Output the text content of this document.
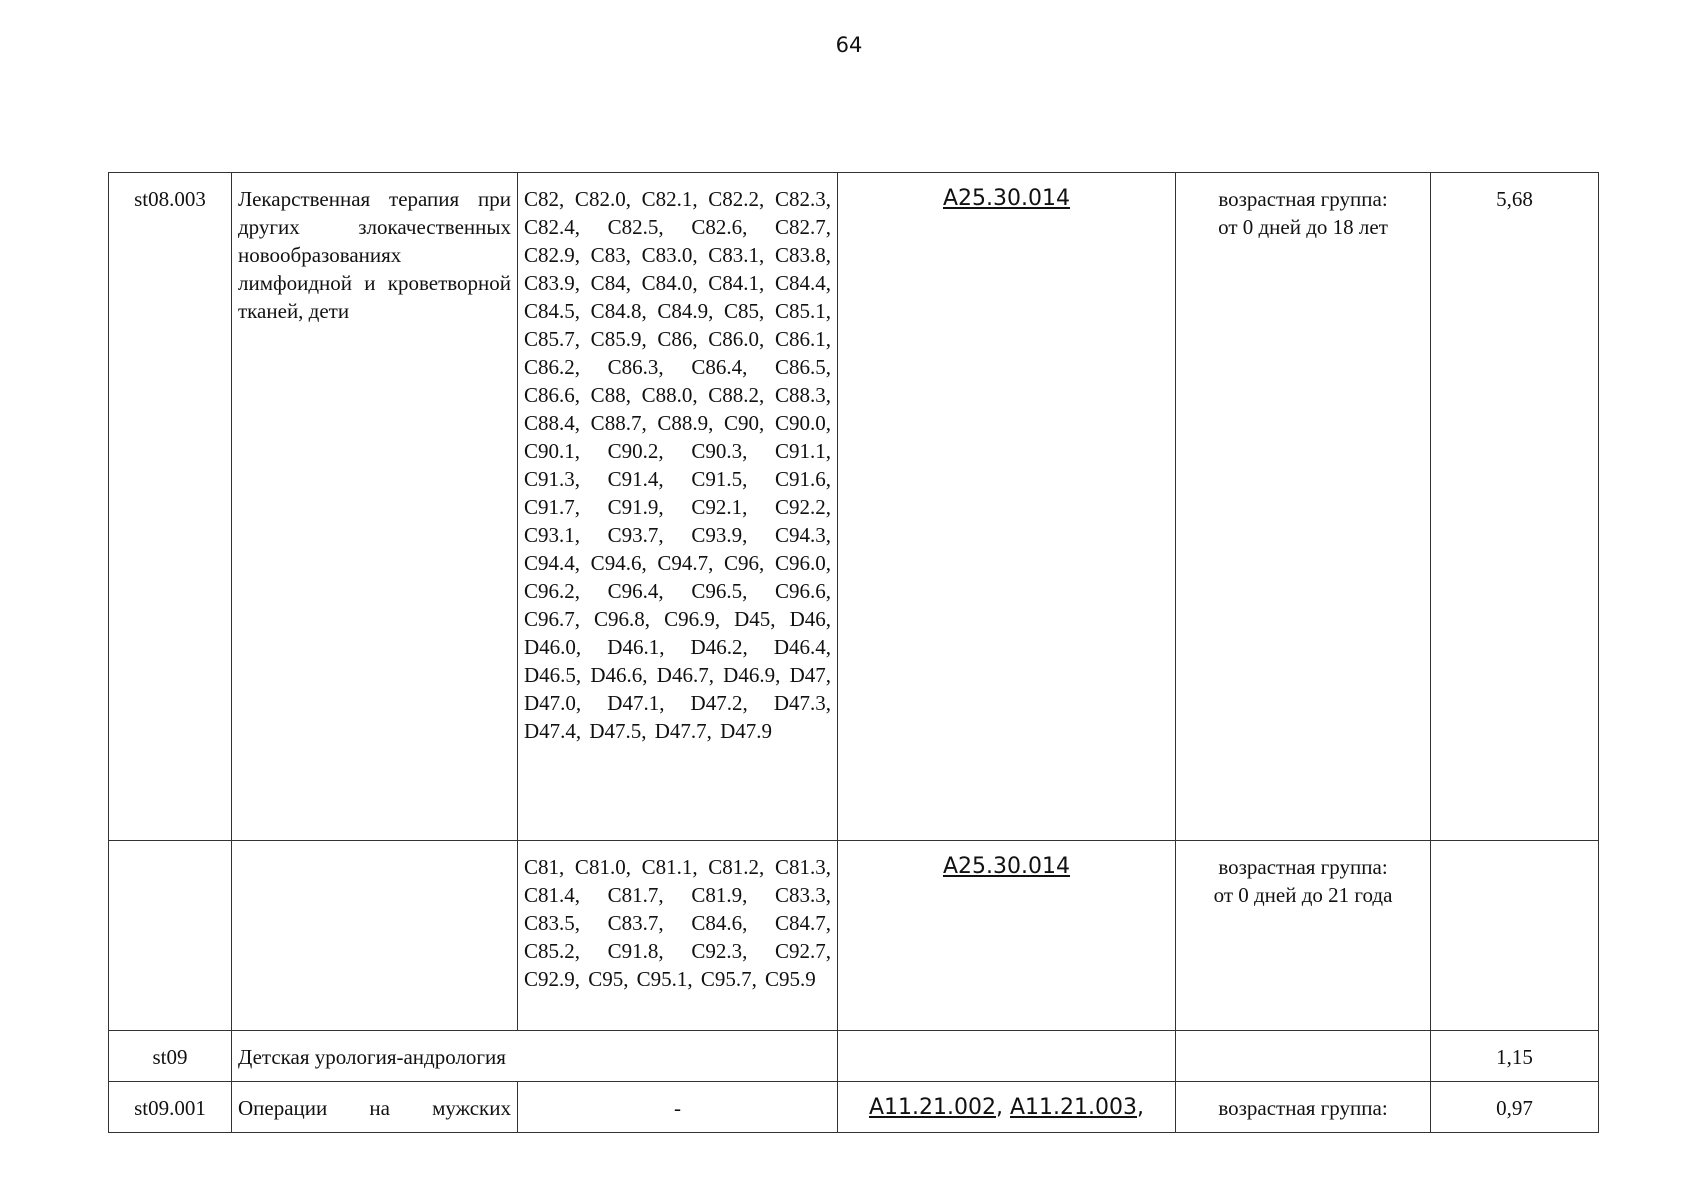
64
st08.003	Лекарственная терапия при других злокачественных новообразованиях лимфоидной и кроветворной тканей, дети	C82, C82.0, C82.1, C82.2, C82.3, C82.4, C82.5, C82.6, C82.7, C82.9, C83, C83.0, C83.1, C83.8, C83.9, C84, C84.0, C84.1, C84.4, C84.5, C84.8, C84.9, C85, C85.1, C85.7, C85.9, C86, C86.0, C86.1, C86.2, C86.3, C86.4, C86.5, C86.6, C88, C88.0, C88.2, C88.3, C88.4, C88.7, C88.9, C90, C90.0, C90.1, C90.2, C90.3, C91.1, C91.3, C91.4, C91.5, C91.6, C91.7, C91.9, C92.1, C92.2, C93.1, C93.7, C93.9, C94.3, C94.4, C94.6, C94.7, C96, C96.0, C96.2, C96.4, C96.5, C96.6, C96.7, C96.8, C96.9, D45, D46, D46.0, D46.1, D46.2, D46.4, D46.5, D46.6, D46.7, D46.9, D47, D47.0, D47.1, D47.2, D47.3, D47.4, D47.5, D47.7, D47.9	A25.30.014	возрастная группа:
от 0 дней до 18 лет	5,68
		C81, C81.0, C81.1, C81.2, C81.3, C81.4, C81.7, C81.9, C83.3, C83.5, C83.7, C84.6, C84.7, C85.2, C91.8, C92.3, C92.7, C92.9, C95, C95.1, C95.7, C95.9	A25.30.014	возрастная группа:
от 0 дней до 21 года	

st09	Детская урология-андрология				1,15
st09.001	Операции на мужских	-	A11.21.002, A11.21.003,	возрастная группа:	0,97
